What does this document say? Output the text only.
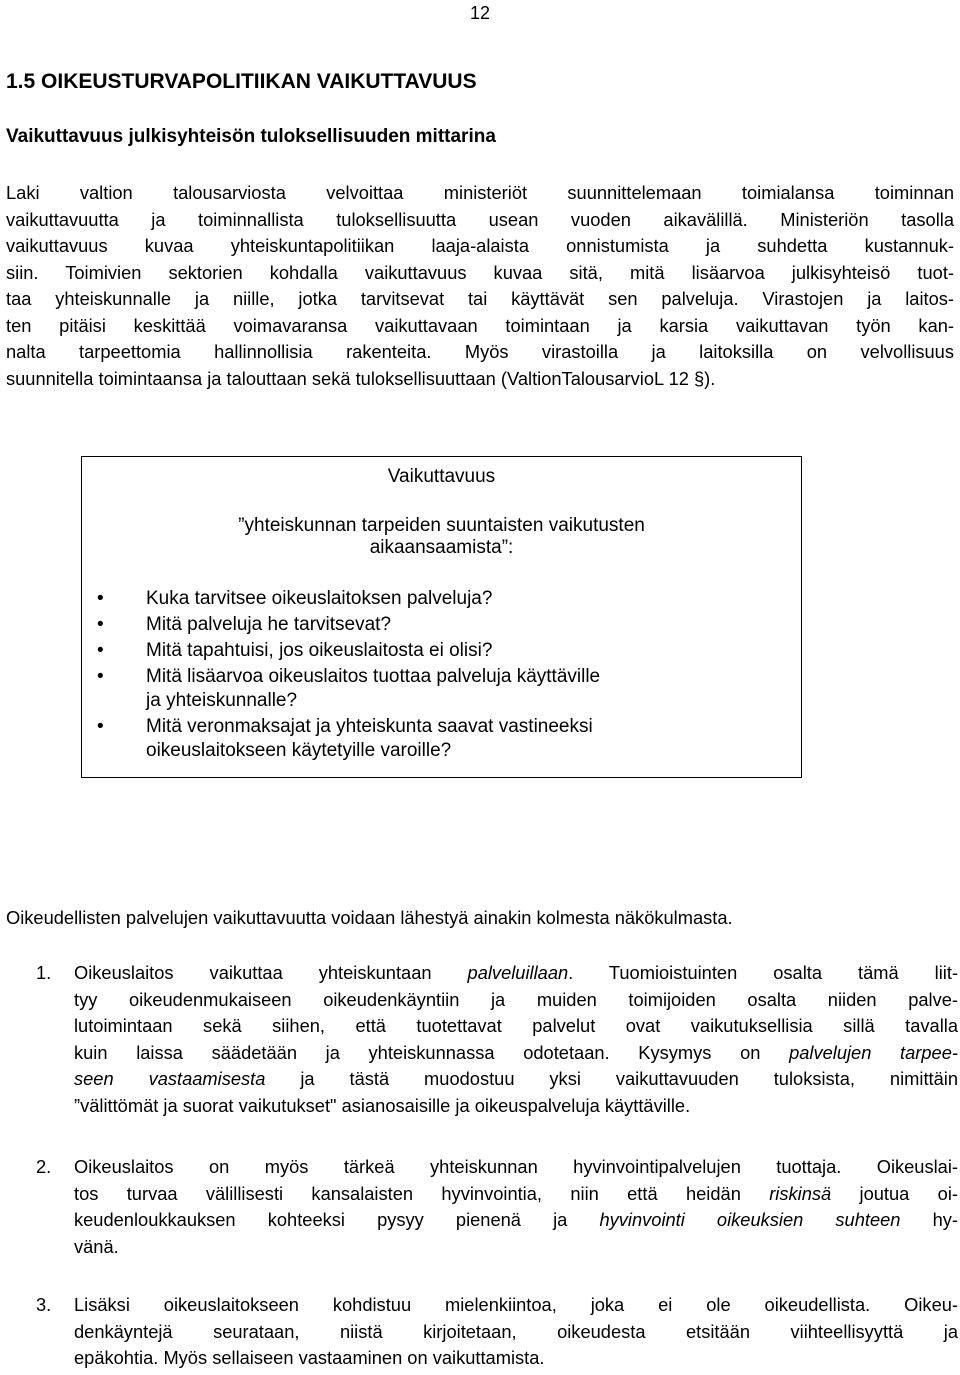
12
1.5 OIKEUSTURVAPOLITIIKAN VAIKUTTAVUUS
Vaikuttavuus julkisyhteisön tuloksellisuuden mittarina

Laki valtion talousarviosta velvoittaa ministeriöt suunnittelemaan toimialansa toiminnan
vaikuttavuutta ja toiminnallista tuloksellisuutta usean vuoden aikavälillä. Ministeriön tasolla
vaikuttavuus kuvaa yhteiskuntapolitiikan laaja-alaista onnistumista ja suhdetta kustannuk-
siin. Toimivien sektorien kohdalla vaikuttavuus kuvaa sitä, mitä lisäarvoa julkisyhteisö tuot-
taa yhteiskunnalle ja niille, jotka tarvitsevat tai käyttävät sen palveluja. Virastojen ja laitos-
ten pitäisi keskittää voimavaransa vaikuttavaan toimintaan ja karsia vaikuttavan työn kan-
nalta tarpeettomia hallinnollisia rakenteita. Myös virastoilla ja laitoksilla on velvollisuus
suunnitella toimintaansa ja talouttaan sekä tuloksellisuuttaan (ValtionTalousarvioL 12 §).

Vaikuttavuus
”yhteiskunnan tarpeiden suuntaisten vaikutusten
aikaansaamista”:
• Kuka tarvitsee oikeuslaitoksen palveluja?
• Mitä palveluja he tarvitsevat?
• Mitä tapahtuisi, jos oikeuslaitosta ei olisi?
• Mitä lisäarvoa oikeuslaitos tuottaa palveluja käyttäville
ja yhteiskunnalle?
• Mitä veronmaksajat ja yhteiskunta saavat vastineeksi
oikeuslaitokseen käytetyille varoille?

Oikeudellisten palvelujen vaikuttavuutta voidaan lähestyä ainakin kolmesta näkökulmasta.

1. Oikeuslaitos vaikuttaa yhteiskuntaan palveluillaan. Tuomioistuinten osalta tämä liit-
tyy oikeudenmukaiseen oikeudenkäyntiin ja muiden toimijoiden osalta niiden palve-
lutoimintaan sekä siihen, että tuotettavat palvelut ovat vaikutuksellisia sillä tavalla
kuin laissa säädetään ja yhteiskunnassa odotetaan. Kysymys on palvelujen tarpee-
seen vastaamisesta ja tästä muodostuu yksi vaikuttavuuden tuloksista, nimittäin
”välittömät ja suorat vaikutukset" asianosaisille ja oikeuspalveluja käyttäville.
2. Oikeuslaitos on myös tärkeä yhteiskunnan hyvinvointipalvelujen tuottaja. Oikeuslai-
tos turvaa välillisesti kansalaisten hyvinvointia, niin että heidän riskinsä joutua oi-
keudenloukkauksen kohteeksi pysyy pienenä ja hyvinvointi oikeuksien suhteen hy-
vänä.
3. Lisäksi oikeuslaitokseen kohdistuu mielenkiintoa, joka ei ole oikeudellista. Oikeu-
denkäyntejä seurataan, niistä kirjoitetaan, oikeudesta etsitään viihteellisyyttä ja
epäkohtia. Myös sellaiseen vastaaminen on vaikuttamista.
